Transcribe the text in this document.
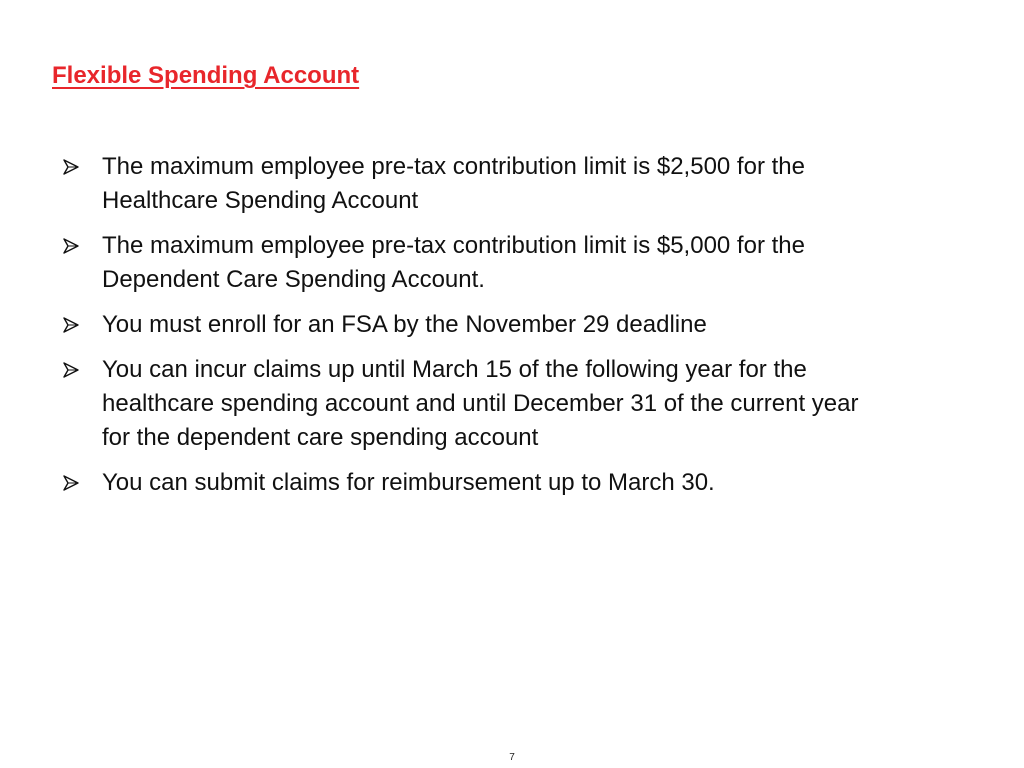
Flexible Spending Account
The maximum employee pre-tax contribution limit is $2,500 for the Healthcare Spending Account
The maximum employee pre-tax contribution limit is $5,000 for the Dependent Care Spending Account.
You must enroll for an FSA by the November 29 deadline
You can incur claims up until March 15 of the following year for the healthcare spending account and until December 31 of the current year for the dependent care spending account
You can submit claims for reimbursement up to March 30.
7
